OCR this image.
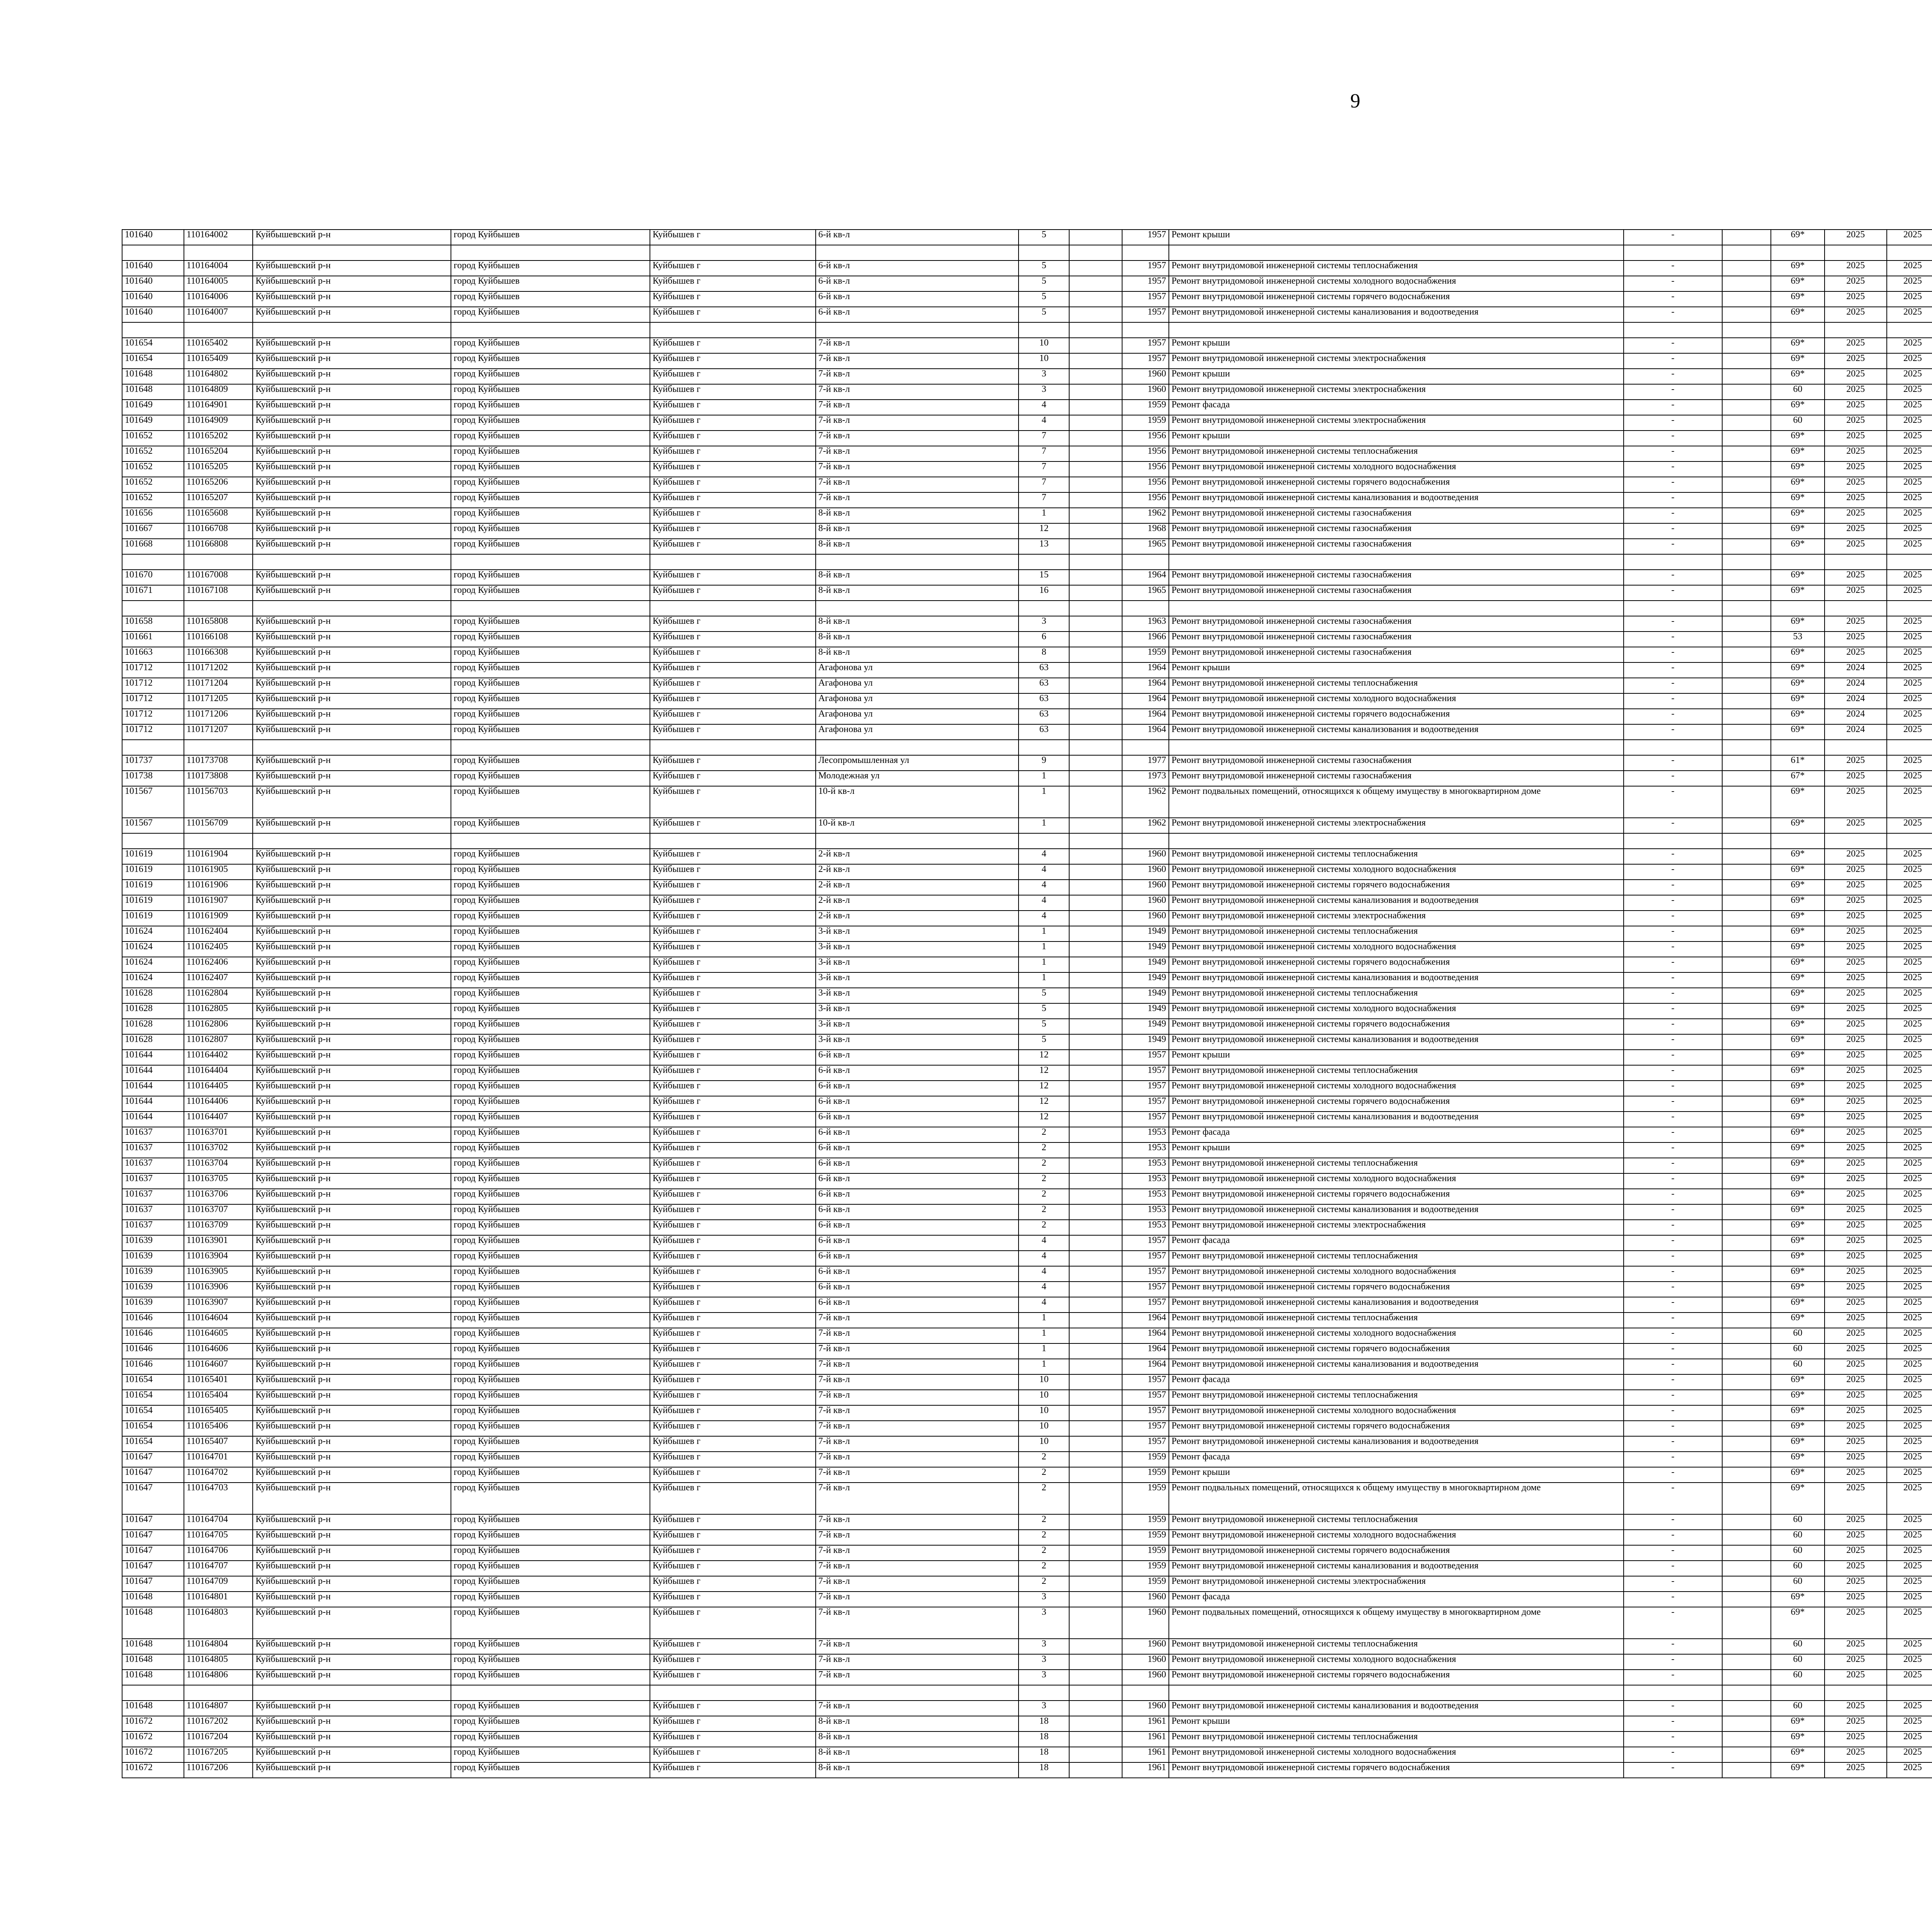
9
101640	110164002	Куйбышевский р-н	город Куйбышев	Куйбышев г	6-й кв-л	5		1957	Ремонт крыши	-		69*	2025	2025							

101640	110164004	Куйбышевский р-н	город Куйбышев	Куйбышев г	6-й кв-л	5		1957	Ремонт внутридомовой инженерной системы теплоснабжения	-		69*	2025	2025							
101640	110164005	Куйбышевский р-н	город Куйбышев	Куйбышев г	6-й кв-л	5		1957	Ремонт внутридомовой инженерной системы холодного водоснабжения	-		69*	2025	2025							
101640	110164006	Куйбышевский р-н	город Куйбышев	Куйбышев г	6-й кв-л	5		1957	Ремонт внутридомовой инженерной системы горячего водоснабжения	-		69*	2025	2025							
101640	110164007	Куйбышевский р-н	город Куйбышев	Куйбышев г	6-й кв-л	5		1957	Ремонт внутридомовой инженерной системы канализования и водоотведения	-		69*	2025	2025							

101654	110165402	Куйбышевский р-н	город Куйбышев	Куйбышев г	7-й кв-л	10		1957	Ремонт крыши	-		69*	2025	2025							
101654	110165409	Куйбышевский р-н	город Куйбышев	Куйбышев г	7-й кв-л	10		1957	Ремонт внутридомовой инженерной системы электроснабжения	-		69*	2025	2025							
101648	110164802	Куйбышевский р-н	город Куйбышев	Куйбышев г	7-й кв-л	3		1960	Ремонт крыши	-		69*	2025	2025							
101648	110164809	Куйбышевский р-н	город Куйбышев	Куйбышев г	7-й кв-л	3		1960	Ремонт внутридомовой инженерной системы электроснабжения	-		60	2025	2025							
101649	110164901	Куйбышевский р-н	город Куйбышев	Куйбышев г	7-й кв-л	4		1959	Ремонт фасада	-		69*	2025	2025							
101649	110164909	Куйбышевский р-н	город Куйбышев	Куйбышев г	7-й кв-л	4		1959	Ремонт внутридомовой инженерной системы электроснабжения	-		60	2025	2025							
101652	110165202	Куйбышевский р-н	город Куйбышев	Куйбышев г	7-й кв-л	7		1956	Ремонт крыши	-		69*	2025	2025							
101652	110165204	Куйбышевский р-н	город Куйбышев	Куйбышев г	7-й кв-л	7		1956	Ремонт внутридомовой инженерной системы теплоснабжения	-		69*	2025	2025							
101652	110165205	Куйбышевский р-н	город Куйбышев	Куйбышев г	7-й кв-л	7		1956	Ремонт внутридомовой инженерной системы холодного водоснабжения	-		69*	2025	2025							
101652	110165206	Куйбышевский р-н	город Куйбышев	Куйбышев г	7-й кв-л	7		1956	Ремонт внутридомовой инженерной системы горячего водоснабжения	-		69*	2025	2025							
101652	110165207	Куйбышевский р-н	город Куйбышев	Куйбышев г	7-й кв-л	7		1956	Ремонт внутридомовой инженерной системы канализования и водоотведения	-		69*	2025	2025							
101656	110165608	Куйбышевский р-н	город Куйбышев	Куйбышев г	8-й кв-л	1		1962	Ремонт внутридомовой инженерной системы газоснабжения	-		69*	2025	2025							
101667	110166708	Куйбышевский р-н	город Куйбышев	Куйбышев г	8-й кв-л	12		1968	Ремонт внутридомовой инженерной системы газоснабжения	-		69*	2025	2025							
101668	110166808	Куйбышевский р-н	город Куйбышев	Куйбышев г	8-й кв-л	13		1965	Ремонт внутридомовой инженерной системы газоснабжения	-		69*	2025	2025							

101670	110167008	Куйбышевский р-н	город Куйбышев	Куйбышев г	8-й кв-л	15		1964	Ремонт внутридомовой инженерной системы газоснабжения	-		69*	2025	2025							
101671	110167108	Куйбышевский р-н	город Куйбышев	Куйбышев г	8-й кв-л	16		1965	Ремонт внутридомовой инженерной системы газоснабжения	-		69*	2025	2025							

101658	110165808	Куйбышевский р-н	город Куйбышев	Куйбышев г	8-й кв-л	3		1963	Ремонт внутридомовой инженерной системы газоснабжения	-		69*	2025	2025							
101661	110166108	Куйбышевский р-н	город Куйбышев	Куйбышев г	8-й кв-л	6		1966	Ремонт внутридомовой инженерной системы газоснабжения	-		53	2025	2025							
101663	110166308	Куйбышевский р-н	город Куйбышев	Куйбышев г	8-й кв-л	8		1959	Ремонт внутридомовой инженерной системы газоснабжения	-		69*	2025	2025							
101712	110171202	Куйбышевский р-н	город Куйбышев	Куйбышев г	Агафонова ул	63		1964	Ремонт крыши	-		69*	2024	2025							
101712	110171204	Куйбышевский р-н	город Куйбышев	Куйбышев г	Агафонова ул	63		1964	Ремонт внутридомовой инженерной системы теплоснабжения	-		69*	2024	2025							
101712	110171205	Куйбышевский р-н	город Куйбышев	Куйбышев г	Агафонова ул	63		1964	Ремонт внутридомовой инженерной системы холодного водоснабжения	-		69*	2024	2025							
101712	110171206	Куйбышевский р-н	город Куйбышев	Куйбышев г	Агафонова ул	63		1964	Ремонт внутридомовой инженерной системы горячего водоснабжения	-		69*	2024	2025							
101712	110171207	Куйбышевский р-н	город Куйбышев	Куйбышев г	Агафонова ул	63		1964	Ремонт внутридомовой инженерной системы канализования и водоотведения	-		69*	2024	2025							

101737	110173708	Куйбышевский р-н	город Куйбышев	Куйбышев г	Лесопромышленная ул	9		1977	Ремонт внутридомовой инженерной системы газоснабжения	-		61*	2025	2025							
101738	110173808	Куйбышевский р-н	город Куйбышев	Куйбышев г	Молодежная ул	1		1973	Ремонт внутридомовой инженерной системы газоснабжения	-		67*	2025	2025							
101567	110156703	Куйбышевский р-н	город Куйбышев	Куйбышев г	10-й кв-л	1		1962	Ремонт подвальных помещений, относящихся к общему имуществу в многоквартирном доме	-		69*	2025	2025							
101567	110156709	Куйбышевский р-н	город Куйбышев	Куйбышев г	10-й кв-л	1		1962	Ремонт внутридомовой инженерной системы электроснабжения	-		69*	2025	2025							

101619	110161904	Куйбышевский р-н	город Куйбышев	Куйбышев г	2-й кв-л	4		1960	Ремонт внутридомовой инженерной системы теплоснабжения	-		69*	2025	2025							
101619	110161905	Куйбышевский р-н	город Куйбышев	Куйбышев г	2-й кв-л	4		1960	Ремонт внутридомовой инженерной системы холодного водоснабжения	-		69*	2025	2025							
101619	110161906	Куйбышевский р-н	город Куйбышев	Куйбышев г	2-й кв-л	4		1960	Ремонт внутридомовой инженерной системы горячего водоснабжения	-		69*	2025	2025							
101619	110161907	Куйбышевский р-н	город Куйбышев	Куйбышев г	2-й кв-л	4		1960	Ремонт внутридомовой инженерной системы канализования и водоотведения	-		69*	2025	2025							
101619	110161909	Куйбышевский р-н	город Куйбышев	Куйбышев г	2-й кв-л	4		1960	Ремонт внутридомовой инженерной системы электроснабжения	-		69*	2025	2025							
101624	110162404	Куйбышевский р-н	город Куйбышев	Куйбышев г	3-й кв-л	1		1949	Ремонт внутридомовой инженерной системы теплоснабжения	-		69*	2025	2025							
101624	110162405	Куйбышевский р-н	город Куйбышев	Куйбышев г	3-й кв-л	1		1949	Ремонт внутридомовой инженерной системы холодного водоснабжения	-		69*	2025	2025							
101624	110162406	Куйбышевский р-н	город Куйбышев	Куйбышев г	3-й кв-л	1		1949	Ремонт внутридомовой инженерной системы горячего водоснабжения	-		69*	2025	2025							
101624	110162407	Куйбышевский р-н	город Куйбышев	Куйбышев г	3-й кв-л	1		1949	Ремонт внутридомовой инженерной системы канализования и водоотведения	-		69*	2025	2025							
101628	110162804	Куйбышевский р-н	город Куйбышев	Куйбышев г	3-й кв-л	5		1949	Ремонт внутридомовой инженерной системы теплоснабжения	-		69*	2025	2025							
101628	110162805	Куйбышевский р-н	город Куйбышев	Куйбышев г	3-й кв-л	5		1949	Ремонт внутридомовой инженерной системы холодного водоснабжения	-		69*	2025	2025							
101628	110162806	Куйбышевский р-н	город Куйбышев	Куйбышев г	3-й кв-л	5		1949	Ремонт внутридомовой инженерной системы горячего водоснабжения	-		69*	2025	2025							
101628	110162807	Куйбышевский р-н	город Куйбышев	Куйбышев г	3-й кв-л	5		1949	Ремонт внутридомовой инженерной системы канализования и водоотведения	-		69*	2025	2025							
101644	110164402	Куйбышевский р-н	город Куйбышев	Куйбышев г	6-й кв-л	12		1957	Ремонт крыши	-		69*	2025	2025							
101644	110164404	Куйбышевский р-н	город Куйбышев	Куйбышев г	6-й кв-л	12		1957	Ремонт внутридомовой инженерной системы теплоснабжения	-		69*	2025	2025							
101644	110164405	Куйбышевский р-н	город Куйбышев	Куйбышев г	6-й кв-л	12		1957	Ремонт внутридомовой инженерной системы холодного водоснабжения	-		69*	2025	2025							
101644	110164406	Куйбышевский р-н	город Куйбышев	Куйбышев г	6-й кв-л	12		1957	Ремонт внутридомовой инженерной системы горячего водоснабжения	-		69*	2025	2025							
101644	110164407	Куйбышевский р-н	город Куйбышев	Куйбышев г	6-й кв-л	12		1957	Ремонт внутридомовой инженерной системы канализования и водоотведения	-		69*	2025	2025							
101637	110163701	Куйбышевский р-н	город Куйбышев	Куйбышев г	6-й кв-л	2		1953	Ремонт фасада	-		69*	2025	2025							
101637	110163702	Куйбышевский р-н	город Куйбышев	Куйбышев г	6-й кв-л	2		1953	Ремонт крыши	-		69*	2025	2025							
101637	110163704	Куйбышевский р-н	город Куйбышев	Куйбышев г	6-й кв-л	2		1953	Ремонт внутридомовой инженерной системы теплоснабжения	-		69*	2025	2025							
101637	110163705	Куйбышевский р-н	город Куйбышев	Куйбышев г	6-й кв-л	2		1953	Ремонт внутридомовой инженерной системы холодного водоснабжения	-		69*	2025	2025							
101637	110163706	Куйбышевский р-н	город Куйбышев	Куйбышев г	6-й кв-л	2		1953	Ремонт внутридомовой инженерной системы горячего водоснабжения	-		69*	2025	2025							
101637	110163707	Куйбышевский р-н	город Куйбышев	Куйбышев г	6-й кв-л	2		1953	Ремонт внутридомовой инженерной системы канализования и водоотведения	-		69*	2025	2025							
101637	110163709	Куйбышевский р-н	город Куйбышев	Куйбышев г	6-й кв-л	2		1953	Ремонт внутридомовой инженерной системы электроснабжения	-		69*	2025	2025							
101639	110163901	Куйбышевский р-н	город Куйбышев	Куйбышев г	6-й кв-л	4		1957	Ремонт фасада	-		69*	2025	2025							
101639	110163904	Куйбышевский р-н	город Куйбышев	Куйбышев г	6-й кв-л	4		1957	Ремонт внутридомовой инженерной системы теплоснабжения	-		69*	2025	2025							
101639	110163905	Куйбышевский р-н	город Куйбышев	Куйбышев г	6-й кв-л	4		1957	Ремонт внутридомовой инженерной системы холодного водоснабжения	-		69*	2025	2025							
101639	110163906	Куйбышевский р-н	город Куйбышев	Куйбышев г	6-й кв-л	4		1957	Ремонт внутридомовой инженерной системы горячего водоснабжения	-		69*	2025	2025							
101639	110163907	Куйбышевский р-н	город Куйбышев	Куйбышев г	6-й кв-л	4		1957	Ремонт внутридомовой инженерной системы канализования и водоотведения	-		69*	2025	2025							
101646	110164604	Куйбышевский р-н	город Куйбышев	Куйбышев г	7-й кв-л	1		1964	Ремонт внутридомовой инженерной системы теплоснабжения	-		69*	2025	2025							
101646	110164605	Куйбышевский р-н	город Куйбышев	Куйбышев г	7-й кв-л	1		1964	Ремонт внутридомовой инженерной системы холодного водоснабжения	-		60	2025	2025							
101646	110164606	Куйбышевский р-н	город Куйбышев	Куйбышев г	7-й кв-л	1		1964	Ремонт внутридомовой инженерной системы горячего водоснабжения	-		60	2025	2025							
101646	110164607	Куйбышевский р-н	город Куйбышев	Куйбышев г	7-й кв-л	1		1964	Ремонт внутридомовой инженерной системы канализования и водоотведения	-		60	2025	2025							
101654	110165401	Куйбышевский р-н	город Куйбышев	Куйбышев г	7-й кв-л	10		1957	Ремонт фасада	-		69*	2025	2025							
101654	110165404	Куйбышевский р-н	город Куйбышев	Куйбышев г	7-й кв-л	10		1957	Ремонт внутридомовой инженерной системы теплоснабжения	-		69*	2025	2025							
101654	110165405	Куйбышевский р-н	город Куйбышев	Куйбышев г	7-й кв-л	10		1957	Ремонт внутридомовой инженерной системы холодного водоснабжения	-		69*	2025	2025							
101654	110165406	Куйбышевский р-н	город Куйбышев	Куйбышев г	7-й кв-л	10		1957	Ремонт внутридомовой инженерной системы горячего водоснабжения	-		69*	2025	2025							
101654	110165407	Куйбышевский р-н	город Куйбышев	Куйбышев г	7-й кв-л	10		1957	Ремонт внутридомовой инженерной системы канализования и водоотведения	-		69*	2025	2025							
101647	110164701	Куйбышевский р-н	город Куйбышев	Куйбышев г	7-й кв-л	2		1959	Ремонт фасада	-		69*	2025	2025							
101647	110164702	Куйбышевский р-н	город Куйбышев	Куйбышев г	7-й кв-л	2		1959	Ремонт крыши	-		69*	2025	2025							
101647	110164703	Куйбышевский р-н	город Куйбышев	Куйбышев г	7-й кв-л	2		1959	Ремонт подвальных помещений, относящихся к общему имуществу в многоквартирном доме	-		69*	2025	2025							
101647	110164704	Куйбышевский р-н	город Куйбышев	Куйбышев г	7-й кв-л	2		1959	Ремонт внутридомовой инженерной системы теплоснабжения	-		60	2025	2025							
101647	110164705	Куйбышевский р-н	город Куйбышев	Куйбышев г	7-й кв-л	2		1959	Ремонт внутридомовой инженерной системы холодного водоснабжения	-		60	2025	2025							
101647	110164706	Куйбышевский р-н	город Куйбышев	Куйбышев г	7-й кв-л	2		1959	Ремонт внутридомовой инженерной системы горячего водоснабжения	-		60	2025	2025							
101647	110164707	Куйбышевский р-н	город Куйбышев	Куйбышев г	7-й кв-л	2		1959	Ремонт внутридомовой инженерной системы канализования и водоотведения	-		60	2025	2025							
101647	110164709	Куйбышевский р-н	город Куйбышев	Куйбышев г	7-й кв-л	2		1959	Ремонт внутридомовой инженерной системы электроснабжения	-		60	2025	2025							
101648	110164801	Куйбышевский р-н	город Куйбышев	Куйбышев г	7-й кв-л	3		1960	Ремонт фасада	-		69*	2025	2025							
101648	110164803	Куйбышевский р-н	город Куйбышев	Куйбышев г	7-й кв-л	3		1960	Ремонт подвальных помещений, относящихся к общему имуществу в многоквартирном доме	-		69*	2025	2025							
101648	110164804	Куйбышевский р-н	город Куйбышев	Куйбышев г	7-й кв-л	3		1960	Ремонт внутридомовой инженерной системы теплоснабжения	-		60	2025	2025							
101648	110164805	Куйбышевский р-н	город Куйбышев	Куйбышев г	7-й кв-л	3		1960	Ремонт внутридомовой инженерной системы холодного водоснабжения	-		60	2025	2025							
101648	110164806	Куйбышевский р-н	город Куйбышев	Куйбышев г	7-й кв-л	3		1960	Ремонт внутридомовой инженерной системы горячего водоснабжения	-		60	2025	2025							

101648	110164807	Куйбышевский р-н	город Куйбышев	Куйбышев г	7-й кв-л	3		1960	Ремонт внутридомовой инженерной системы канализования и водоотведения	-		60	2025	2025							
101672	110167202	Куйбышевский р-н	город Куйбышев	Куйбышев г	8-й кв-л	18		1961	Ремонт крыши	-		69*	2025	2025							
101672	110167204	Куйбышевский р-н	город Куйбышев	Куйбышев г	8-й кв-л	18		1961	Ремонт внутридомовой инженерной системы теплоснабжения	-		69*	2025	2025							
101672	110167205	Куйбышевский р-н	город Куйбышев	Куйбышев г	8-й кв-л	18		1961	Ремонт внутридомовой инженерной системы холодного водоснабжения	-		69*	2025	2025							
101672	110167206	Куйбышевский р-н	город Куйбышев	Куйбышев г	8-й кв-л	18		1961	Ремонт внутридомовой инженерной системы горячего водоснабжения	-		69*	2025	2025							
